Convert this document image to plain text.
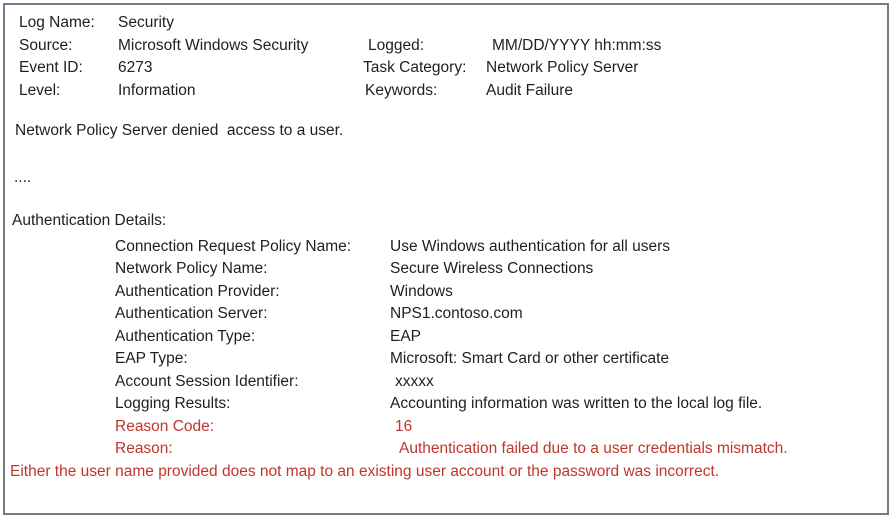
Log Name: Security
Source:	Microsoft Windows Security	Logged:	MM/DD/YYYY hh:mm:ss
Event ID: 6273	Task Category: Network Policy Server
Level:	Information	Keywords:	Audit Failure
Network Policy Server denied  access to a user.
....
Authentication Details:
Connection Request Policy Name:	Use Windows authentication for all users
Network Policy Name:	Secure Wireless Connections
Authentication Provider:	Windows
Authentication Server:	NPS1.contoso.com
Authentication Type:	EAP
EAP Type:	Microsoft: Smart Card or other certificate
Account Session Identifier:	xxxxx
Logging Results:	Accounting information was written to the local log file.
Reason Code:	16
Reason:	Authentication failed due to a user credentials mismatch.
Either the user name provided does not map to an existing user account or the password was incorrect.
